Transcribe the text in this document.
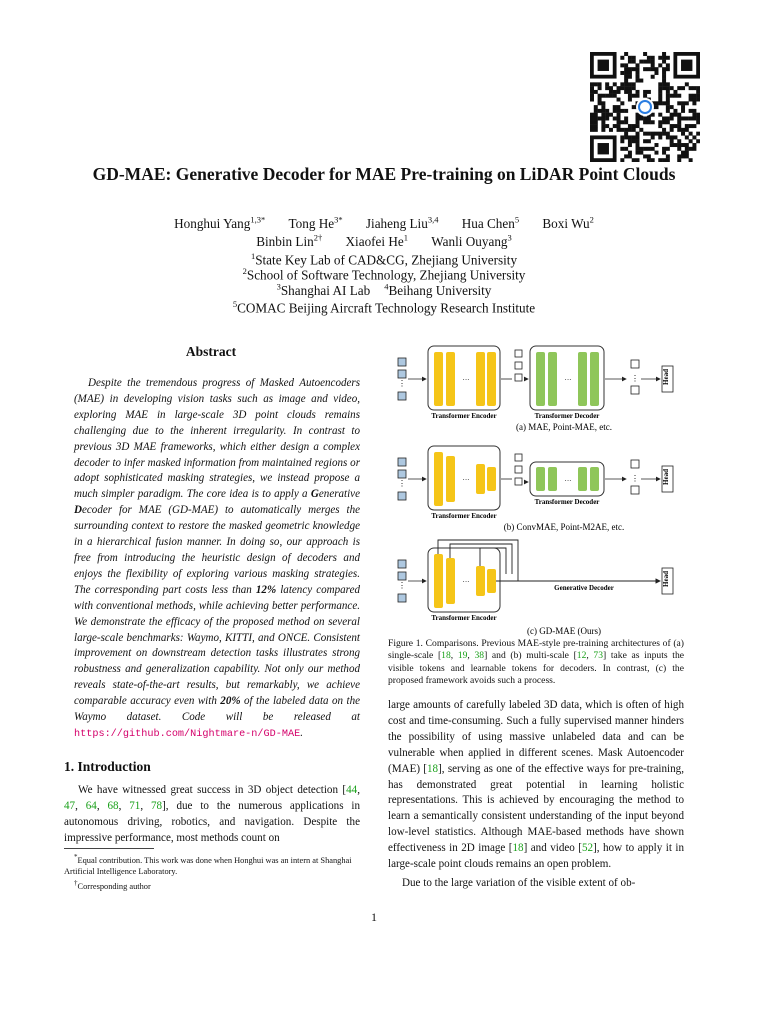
GD-MAE: Generative Decoder for MAE Pre-training on LiDAR Point Clouds
Honghui Yang$^{1,3*}$ Tong $He^{3*}$ Jiaheng Liu$^{3,4}$ Hua Chen$^5$ Boxi Wu$^2$
Binbin Lin$^{2\dagger}$ Xiaofei He$^1$ Wanli Ouyang$^3$
$^1$State Key Lab of CAD&CG, Zhejiang University
$^2$School of Software Technology, Zhejiang University
$^3$Shanghai AI Lab $^4$Beihang University
$^5$COMAC Beijing Aircraft Technology Research Institute
Abstract

Despite the tremendous progress of Masked Autoencoders (MAE) in developing vision tasks such as image and video, exploring MAE in large-scale 3D point clouds remains challenging due to the inherent irregularity. In contrast to previous 3D MAE frameworks, which either design a complex decoder to infer masked information from maintained regions or adopt sophisticated masking strategies, we instead propose a much simpler paradigm. The core idea is to apply a Generative Decoder for MAE (GD-MAE) to automatically merges the surrounding context to restore the masked geometric knowledge in a hierarchical fusion manner. In doing so, our approach is free from introducing the heuristic design of decoders and enjoys the flexibility of exploring various masking strategies. The corresponding part costs less than 12% latency compared with conventional methods, while achieving better performance. We demonstrate the efficacy of the proposed method on several large-scale benchmarks: Waymo, KITTI, and ONCE. Consistent improvement on downstream detection tasks illustrates strong robustness and generalization capability. Not only our method reveals state-of-the-art results, but remarkably, we achieve comparable accuracy even with 20% of the labeled data on the Waymo dataset. Code will be released at https://github.com/Nightmare-n/GD-MAE.

1. Introduction

We have witnessed great success in 3D object detection [44, 47, 64, 68, 71, 78], due to the numerous applications in autonomous driving, robotics, and navigation. Despite the impressive performance, most methods count on

*Equal contribution. This work was done when Honghui was an intern at Shanghai Artificial Intelligence Laboratory.

†Corresponding author

⋮	···
Transformer Encoder
···
Transformer Decoder
⋮	Head
(a) MAE, Point-MAE, etc.
⋮	···
Transformer Encoder
···
Transformer Decoder
⋮	Head
(b) ConvMAE, Point-M2AE, etc.
⋮	···
Generative Decoder
Transformer Encoder
Head
(c) GD-MAE (Ours)
Figure 1. Comparisons. Previous MAE-style pre-training architectures of (a) single-scale [18, 19, 38] and (b) multi-scale [12, 73] take as inputs the visible tokens and learnable tokens for decoders. In contrast, (c) the proposed framework avoids such a process.

large amounts of carefully labeled 3D data, which is often of high cost and time-consuming. Such a fully supervised manner hinders the possibility of using massive unlabeled data and can be vulnerable when applied in different scenes. Mask Autoencoder (MAE) [18], serving as one of the effective ways for pre-training, has demonstrated great potential in learning holistic representations. This is achieved by encouraging the method to learn a semantically consistent understanding of the input beyond low-level statistics. Although MAE-based methods have shown effectiveness in 2D image [18] and video [52], how to apply it in large-scale point clouds remains an open problem.

Due to the large variation of the visible extent of ob-

1
